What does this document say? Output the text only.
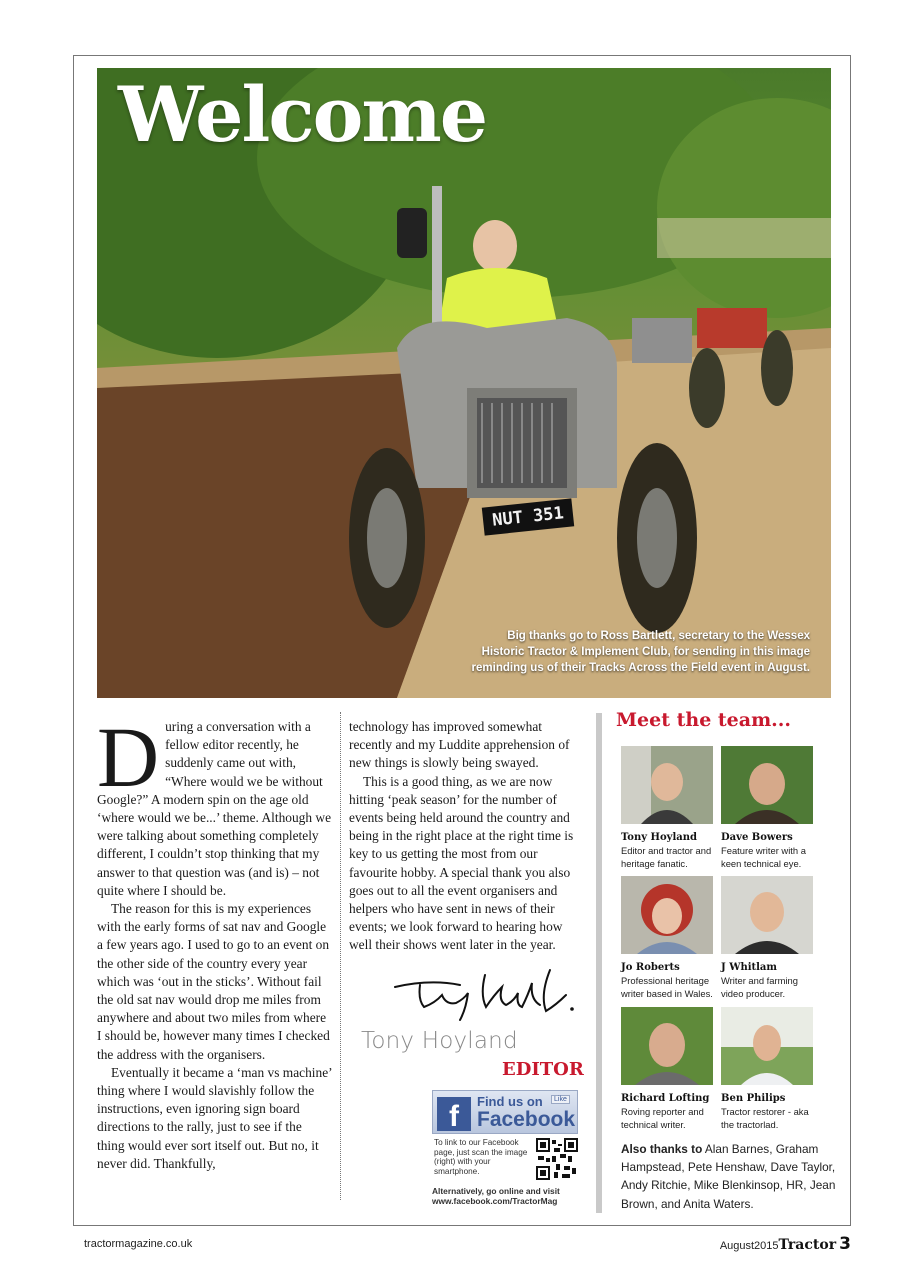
Welcome
NUT 351
Big thanks go to Ross Bartlett, secretary to the Wessex Historic Tractor & Implement Club, for sending in this image reminding us of their Tracks Across the Field event in August.

During a conversation with a fellow editor recently, he suddenly came out with, “Where would we be without Google?” A modern spin on the age old ‘where would we be...’ theme. Although we were talking about something completely different, I couldn’t stop thinking that my answer to that question was (and is) – not quite where I should be.

The reason for this is my experiences with the early forms of sat nav and Google a few years ago. I used to go to an event on the other side of the country every year which was ‘out in the sticks’. Without fail the old sat nav would drop me miles from anywhere and about two miles from where I should be, however many times I checked the address with the organisers.

Eventually it became a ‘man vs machine’ thing where I would slavishly follow the instructions, even ignoring sign board directions to the rally, just to see if the thing would ever sort itself out. But no, it never did. Thankfully,

technology has improved somewhat recently and my Luddite apprehension of new things is slowly being swayed.

This is a good thing, as we are now hitting ‘peak season’ for the number of events being held around the country and being in the right place at the right time is key to us getting the most from our favourite hobby. A special thank you also goes out to all the event organisers and helpers who have sent in news of their events; we look forward to hearing how well their shows went later in the year.

Tony Hoyland
EDITOR
f	Find us on	Like
Facebook
To link to our Facebook page, just scan the image (right) with your smartphone.
Alternatively, go online and visit www.facebook.com/TractorMag
Meet the team...
Tony Hoyland
Editor and tractor and heritage fanatic.
Dave Bowers
Feature writer with a keen technical eye.
Jo Roberts
Professional heritage writer based in Wales.
J Whitlam
Writer and farming video producer.
Richard Lofting
Roving reporter and technical writer.
Ben Philips
Tractor restorer - aka the tractorlad.
Also thanks to Alan Barnes, Graham Hampstead, Pete Henshaw, Dave Taylor, Andy Ritchie, Mike Blenkinsop, HR, Jean Brown, and Anita Waters.
tractormagazine.co.uk	August2015Tractor 3
